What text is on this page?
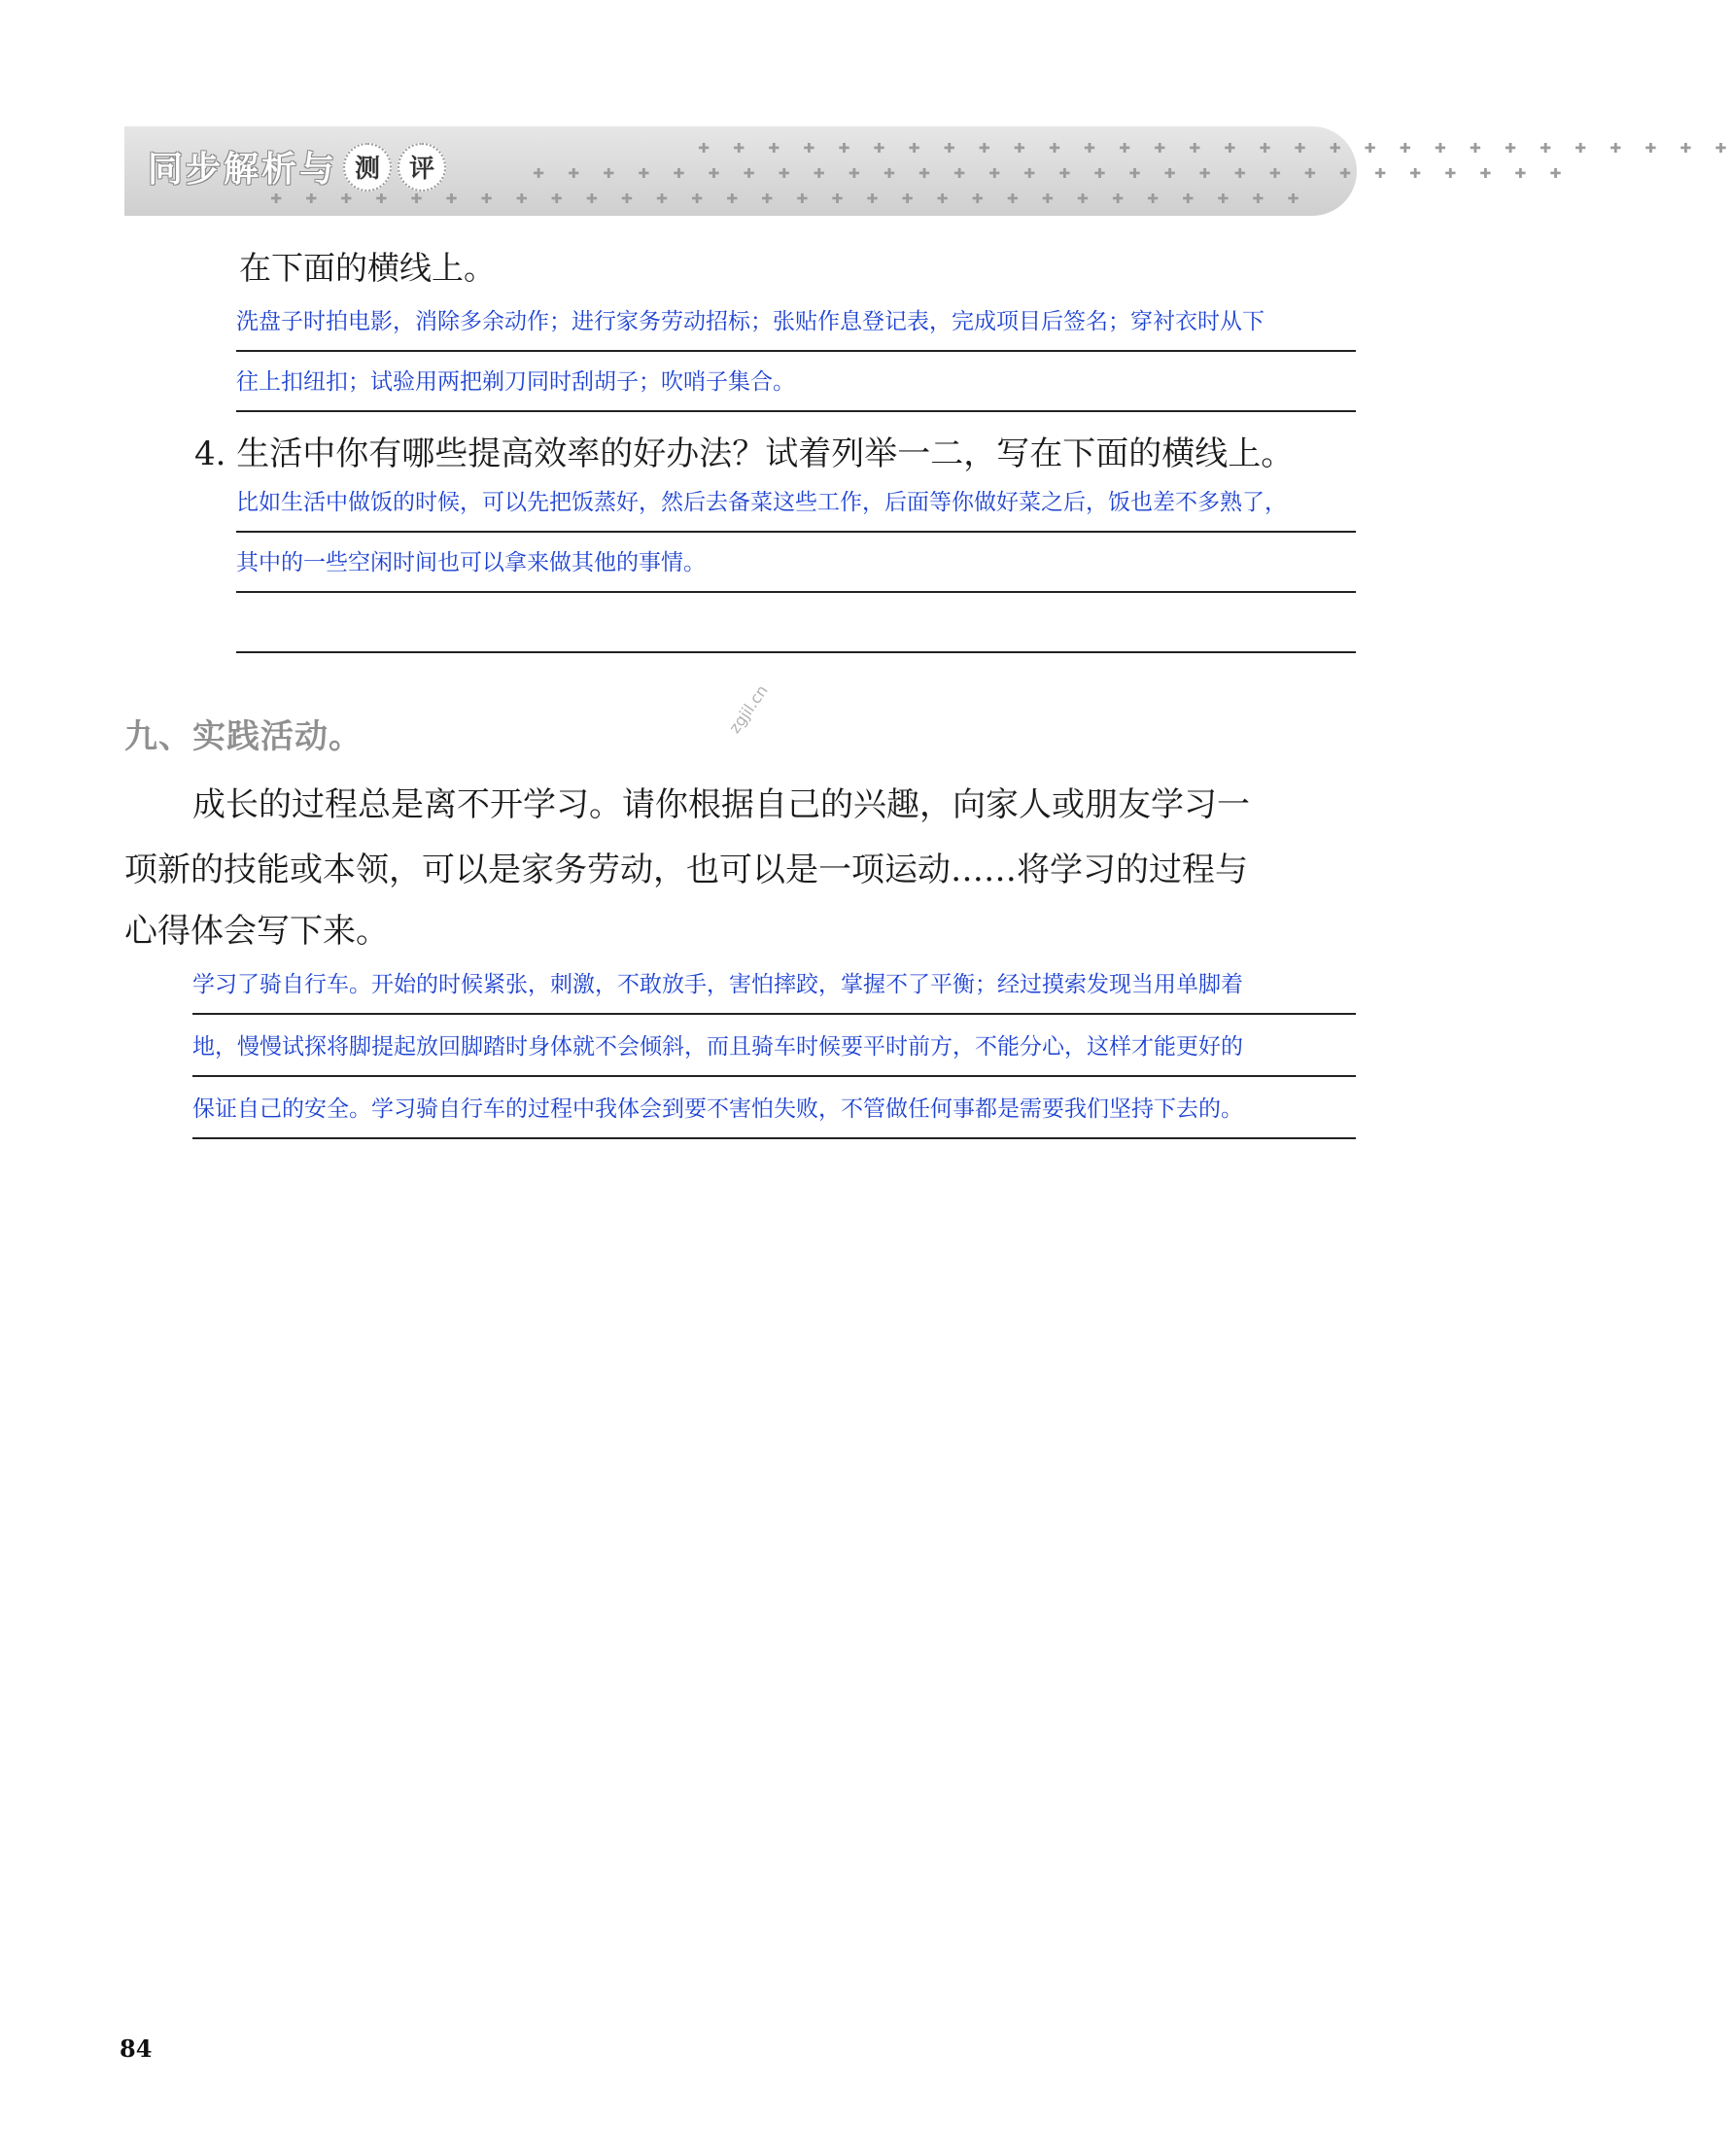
同步解析与 测	评
✚ ✚ ✚ ✚ ✚ ✚ ✚ ✚ ✚ ✚ ✚ ✚ ✚ ✚ ✚ ✚ ✚ ✚ ✚ ✚ ✚ ✚ ✚ ✚ ✚ ✚ ✚ ✚ ✚ ✚
✚ ✚ ✚ ✚ ✚ ✚ ✚ ✚ ✚ ✚ ✚ ✚ ✚ ✚ ✚ ✚ ✚ ✚ ✚ ✚ ✚ ✚ ✚ ✚ ✚ ✚ ✚ ✚ ✚ ✚
✚ ✚ ✚ ✚ ✚ ✚ ✚ ✚ ✚ ✚ ✚ ✚ ✚ ✚ ✚ ✚ ✚ ✚ ✚ ✚ ✚ ✚ ✚ ✚ ✚ ✚ ✚ ✚ ✚ ✚
在下面的横线上。
洗盘子时拍电影，消除多余动作；进行家务劳动招标；张贴作息登记表，完成项目后签名；穿衬衣时从下
往上扣纽扣；试验用两把剃刀同时刮胡子；吹哨子集合。
4. 生活中你有哪些提高效率的好办法？试着列举一二，写在下面的横线上。
比如生活中做饭的时候，可以先把饭蒸好，然后去备菜这些工作，后面等你做好菜之后，饭也差不多熟了，
其中的一些空闲时间也可以拿来做其他的事情。
九、实践活动。
zgjil.cn
成长的过程总是离不开学习。请你根据自己的兴趣，向家人或朋友学习一
项新的技能或本领，可以是家务劳动，也可以是一项运动……将学习的过程与
心得体会写下来。
学习了骑自行车。开始的时候紧张，刺激，不敢放手，害怕摔跤，掌握不了平衡；经过摸索发现当用单脚着
地，慢慢试探将脚提起放回脚踏时身体就不会倾斜，而且骑车时候要平时前方，不能分心，这样才能更好的
保证自己的安全。学习骑自行车的过程中我体会到要不害怕失败，不管做任何事都是需要我们坚持下去的。
84
